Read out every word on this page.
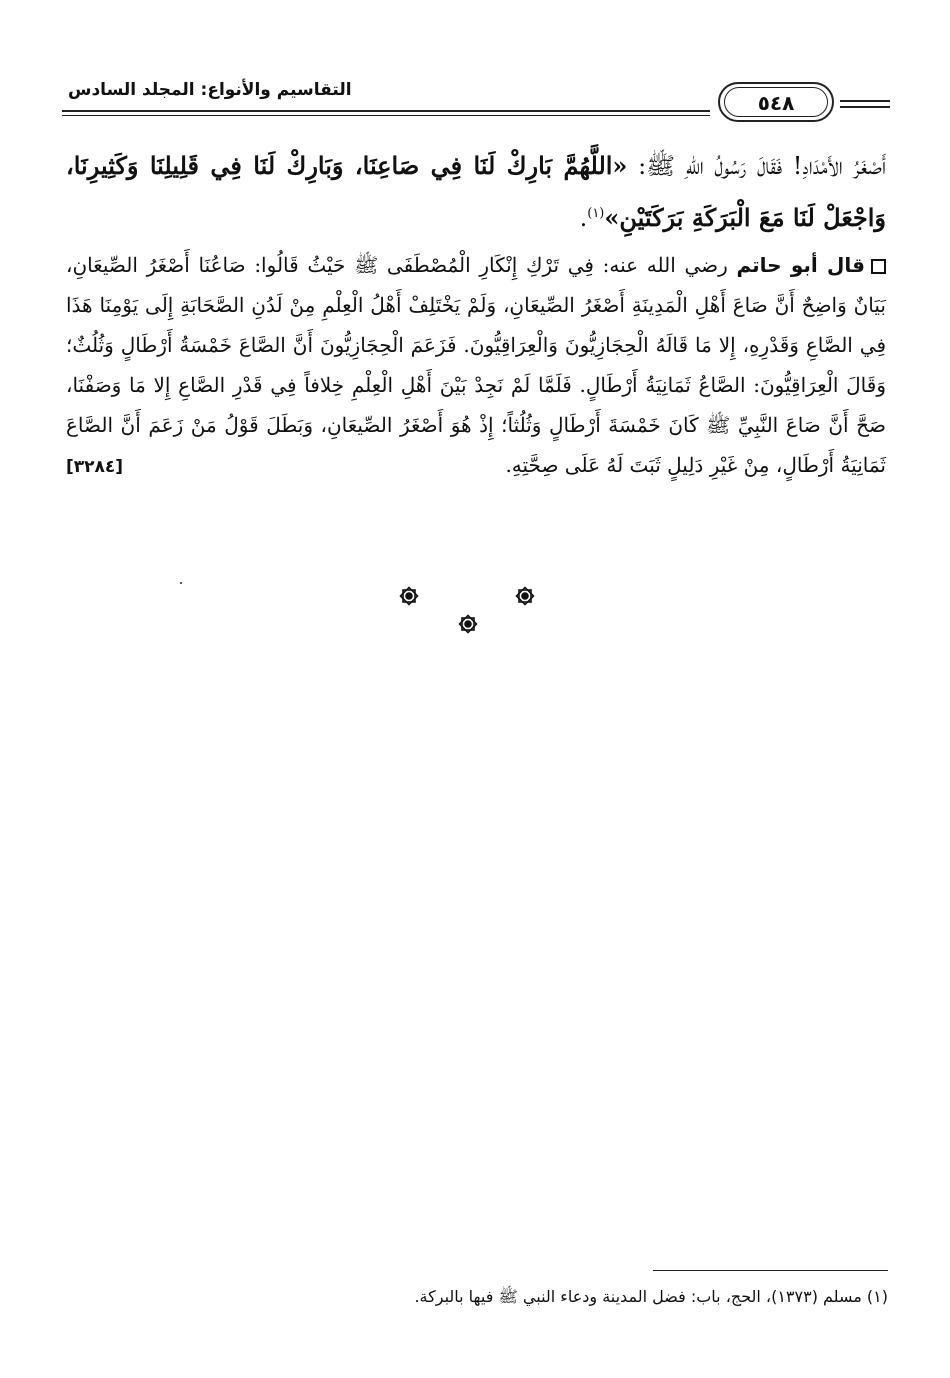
التقاسيم والأنواع: المجلد السادس
٥٤٨
أَصْغَرُ الأَمْدَادِ! فَقَالَ رَسُولُ اللهِ ﷺ: «اللَّهُمَّ بَارِكْ لَنَا فِي صَاعِنَا، وَبَارِكْ لَنَا فِي قَلِيلِنَا وَكَثِيرِنَا، وَاجْعَلْ لَنَا مَعَ الْبَرَكَةِ بَرَكَتَيْنِ»$^{(١)}$.
قال أبو حاتم رضي الله عنه: فِي تَرْكِ إِنْكَارِ الْمُصْطَفَى ﷺ حَيْثُ قَالُوا: صَاعُنَا أَصْغَرُ الصِّيعَانِ، بَيَانٌ وَاضِحٌ أَنَّ صَاعَ أَهْلِ الْمَدِينَةِ أَصْغَرُ الصِّيعَانِ، وَلَمْ يَخْتَلِفْ أَهْلُ الْعِلْمِ مِنْ لَدُنِ الصَّحَابَةِ إِلَى يَوْمِنَا هَذَا فِي الصَّاعِ وَقَدْرِهِ، إِلا مَا قَالَهُ الْحِجَازِيُّونَ وَالْعِرَاقِيُّونَ. فَزَعَمَ الْحِجَازِيُّونَ أَنَّ الصَّاعَ خَمْسَةُ أَرْطَالٍ وَثُلُثٌ؛ وَقَالَ الْعِرَاقِيُّونَ: الصَّاعُ ثَمَانِيَةُ أَرْطَالٍ. فَلَمَّا لَمْ نَجِدْ بَيْنَ أَهْلِ الْعِلْمِ خِلافاً فِي قَدْرِ الصَّاعِ إِلا مَا وَصَفْنَا، صَحَّ أَنَّ صَاعَ النَّبِيِّ ﷺ كَانَ خَمْسَةَ أَرْطَالٍ وَثُلُثاً؛ إِذْ هُوَ أَصْغَرُ الصِّيعَانِ، وَبَطَلَ قَوْلُ مَنْ زَعَمَ أَنَّ الصَّاعَ ثَمَانِيَةُ أَرْطَالٍ، مِنْ غَيْرِ دَلِيلٍ ثَبَتَ لَهُ عَلَى صِحَّتِهِ.
[٣٢٨٤]
(١) مسلم (١٣٧٣)، الحج، باب: فضل المدينة ودعاء النبي ﷺ فيها بالبركة.
